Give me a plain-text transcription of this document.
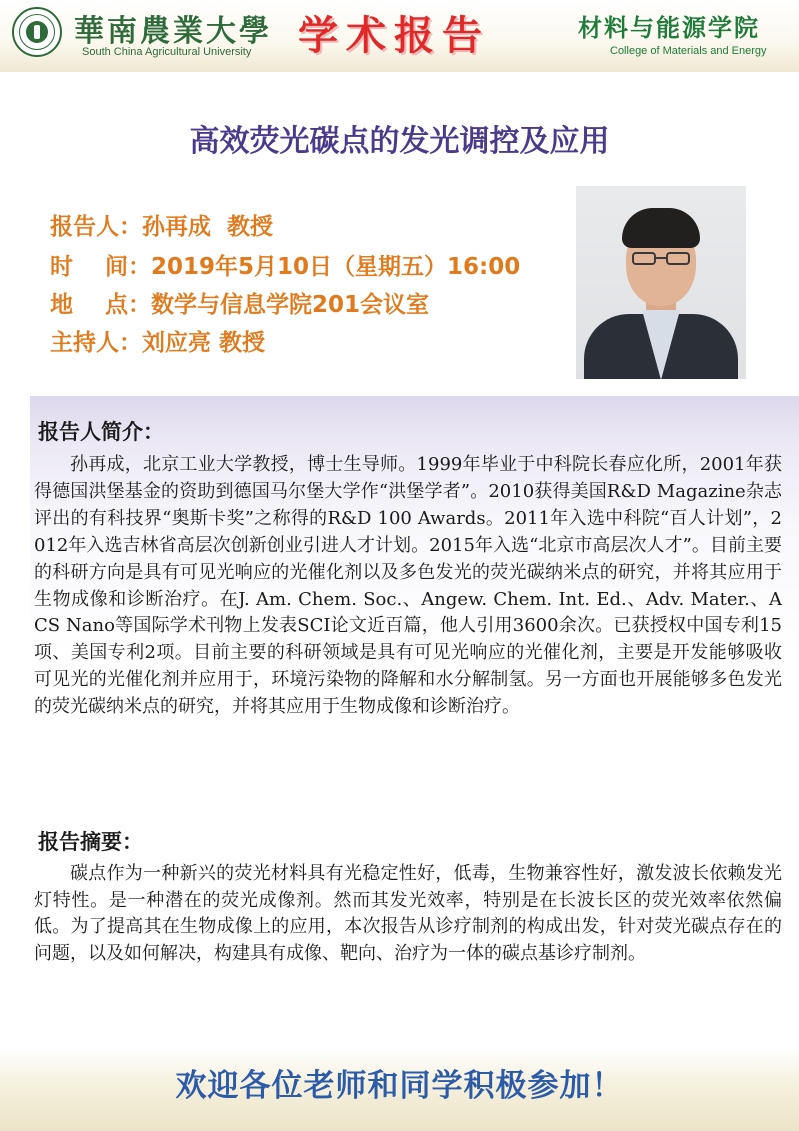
華南農業大學
South China Agricultural University 学术报告	材料与能源学院
College of Materials and Energy
高效荧光碳点的发光调控及应用
报告人：孙再成  教授
时    间：2019年5月10日（星期五）16:00
地    点：数学与信息学院201会议室
主持人：刘应亮 教授
报告人简介：

孙再成，北京工业大学教授，博士生导师。1999年毕业于中科院长春应化所，2001年获得德国洪堡基金的资助到德国马尔堡大学作“洪堡学者”。2010获得美国R&D Magazine杂志评出的有科技界“奥斯卡奖”之称得的R&D 100 Awards。2011年入选中科院“百人计划”，2012年入选吉林省高层次创新创业引进人才计划。2015年入选“北京市高层次人才”。目前主要的科研方向是具有可见光响应的光催化剂以及多色发光的荧光碳纳米点的研究，并将其应用于生物成像和诊断治疗。在J. Am. Chem. Soc.、Angew. Chem. Int. Ed.、Adv. Mater.、ACS Nano等国际学术刊物上发表SCI论文近百篇，他人引用3600余次。已获授权中国专利15项、美国专利2项。目前主要的科研领域是具有可见光响应的光催化剂，主要是开发能够吸收可见光的光催化剂并应用于，环境污染物的降解和水分解制氢。另一方面也开展能够多色发光的荧光碳纳米点的研究，并将其应用于生物成像和诊断治疗。

报告摘要：

碳点作为一种新兴的荧光材料具有光稳定性好，低毒，生物兼容性好，激发波长依赖发光灯特性。是一种潜在的荧光成像剂。然而其发光效率，特别是在长波长区的荧光效率依然偏低。为了提高其在生物成像上的应用，本次报告从诊疗制剂的构成出发，针对荧光碳点存在的问题，以及如何解决，构建具有成像、靶向、治疗为一体的碳点基诊疗制剂。

欢迎各位老师和同学积极参加！
